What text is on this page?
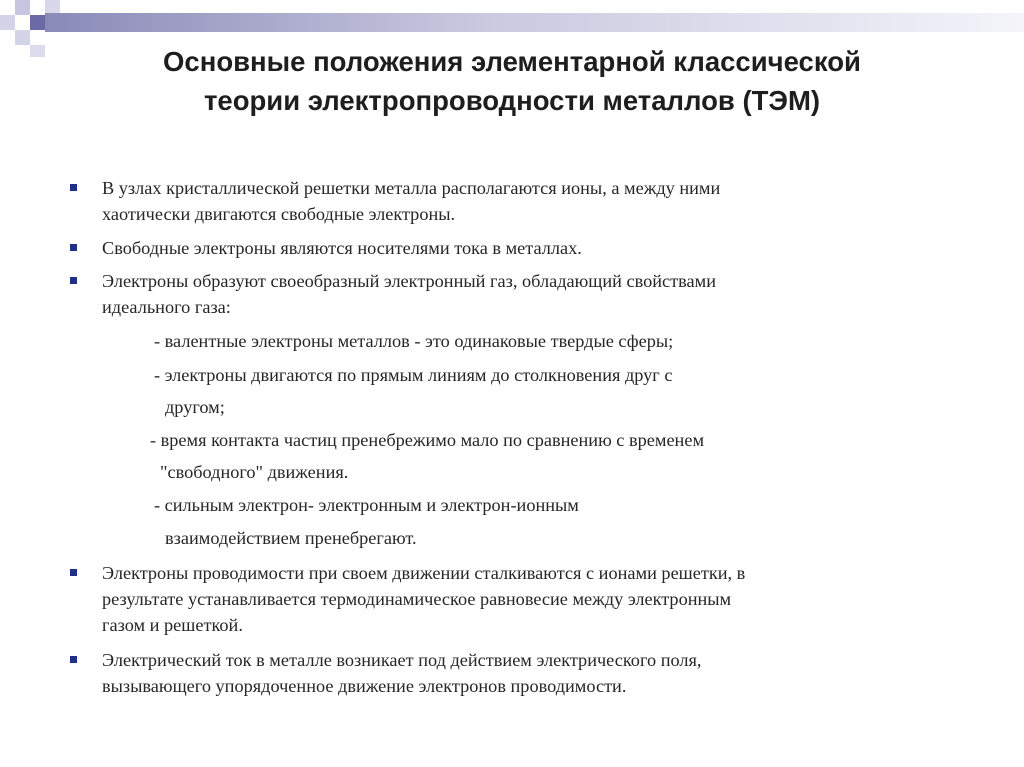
Основные положения элементарной классической
теории электропроводности металлов (ТЭМ)
В узлах кристаллической решетки металла располагаются ионы, а между ними
хаотически двигаются свободные электроны.
Свободные электроны являются носителями тока в металлах.
Электроны образуют своеобразный электронный газ, обладающий свойствами
идеального газа:
- валентные электроны металлов - это одинаковые твердые сферы;
- электроны двигаются по прямым линиям до столкновения друг с
другом;
- время контакта частиц пренебрежимо мало по сравнению с временем
"свободного" движения.
- сильным электрон- электронным и электрон-ионным
взаимодействием пренебрегают.
Электроны проводимости при своем движении сталкиваются с ионами решетки, в
результате устанавливается термодинамическое равновесие между электронным
газом и решеткой.
Электрический ток в металле возникает под действием электрического поля,
вызывающего упорядоченное движение электронов проводимости.
